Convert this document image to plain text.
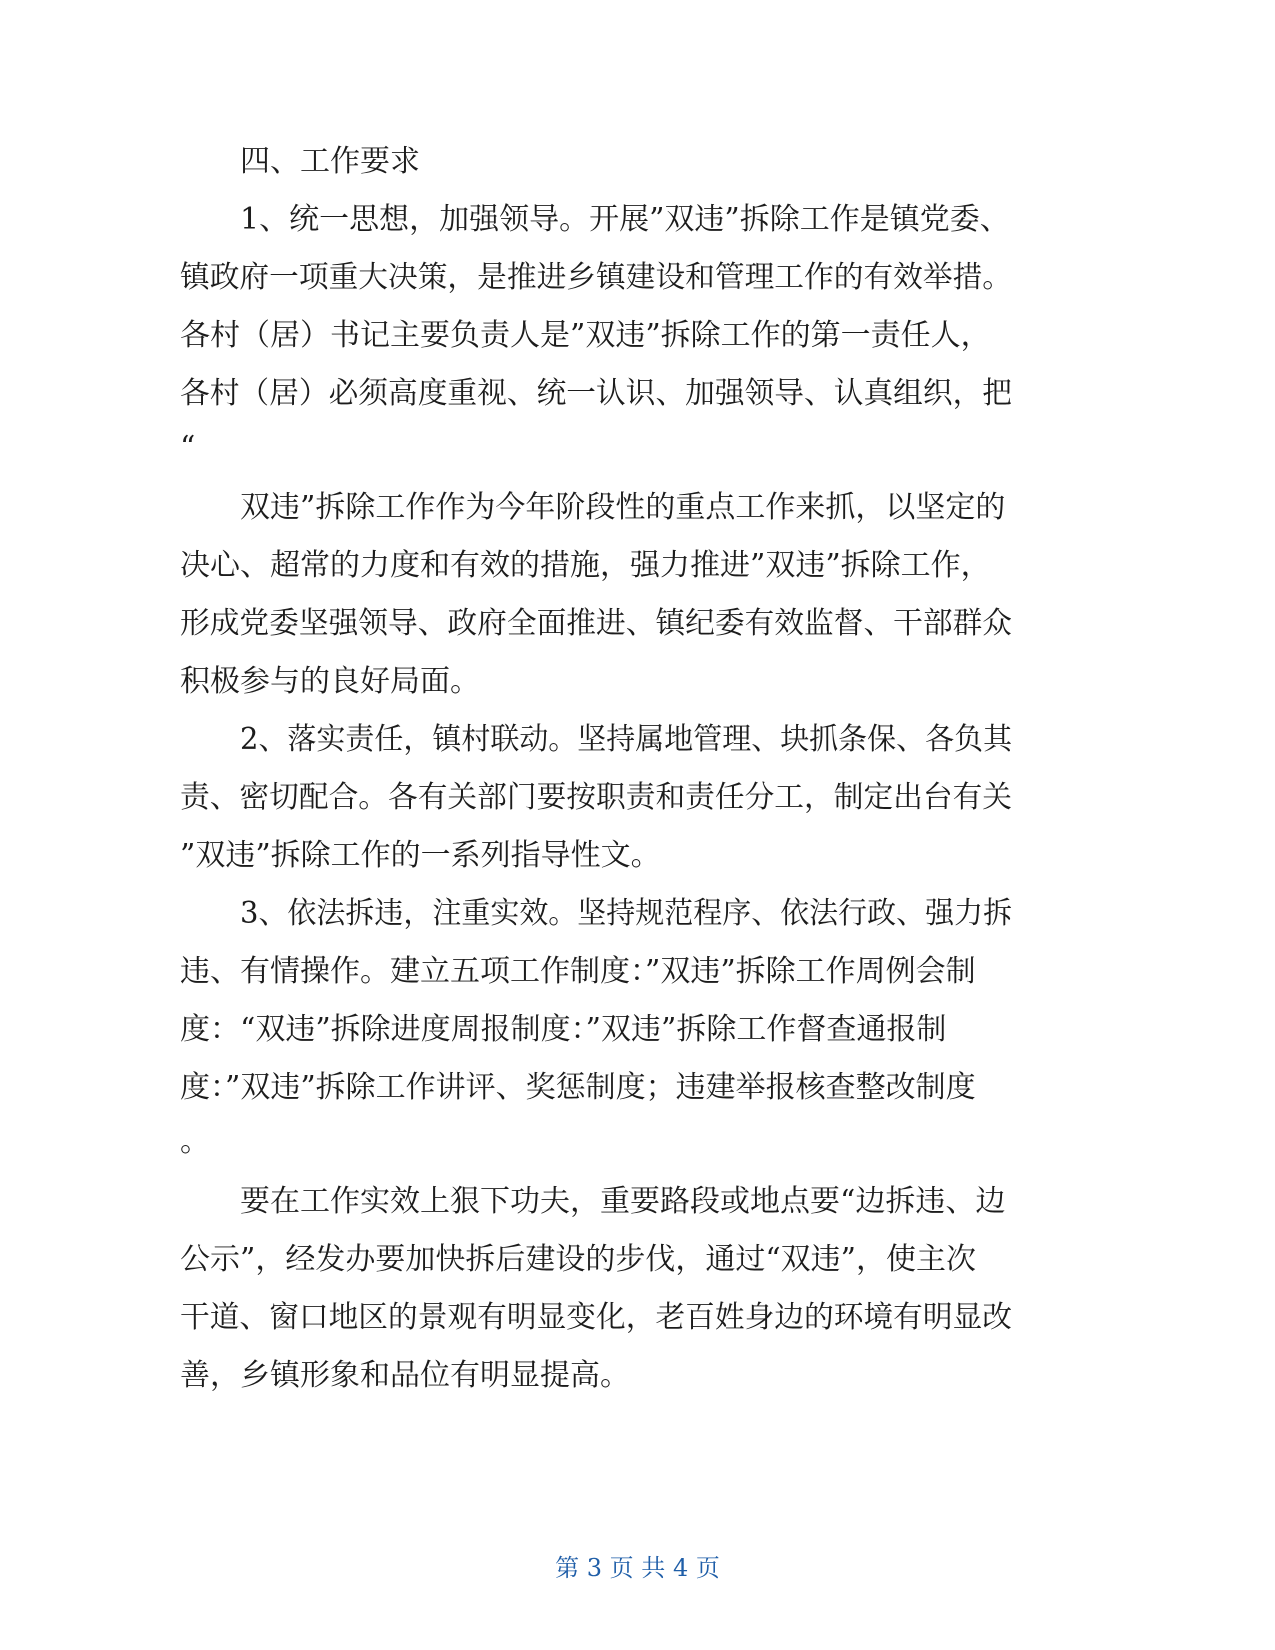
四、工作要求
1、统一思想，加强领导。开展”双违”拆除工作是镇党委、
镇政府一项重大决策，是推进乡镇建设和管理工作的有效举措。
各村（居）书记主要负责人是”双违”拆除工作的第一责任人，
各村（居）必须高度重视、统一认识、加强领导、认真组织，把
“
双违”拆除工作作为今年阶段性的重点工作来抓，以坚定的
决心、超常的力度和有效的措施，强力推进”双违”拆除工作，
形成党委坚强领导、政府全面推进、镇纪委有效监督、干部群众
积极参与的良好局面。
2、落实责任，镇村联动。坚持属地管理、块抓条保、各负其
责、密切配合。各有关部门要按职责和责任分工，制定出台有关
”双违”拆除工作的一系列指导性文。
3、依法拆违，注重实效。坚持规范程序、依法行政、强力拆
违、有情操作。建立五项工作制度：”双违”拆除工作周例会制
度：“双违”拆除进度周报制度：”双违”拆除工作督查通报制
度：”双违”拆除工作讲评、奖惩制度；违建举报核查整改制度
。
要在工作实效上狠下功夫，重要路段或地点要“边拆违、边
公示”，经发办要加快拆后建设的步伐，通过“双违”，使主次
干道、窗口地区的景观有明显变化，老百姓身边的环境有明显改
善，乡镇形象和品位有明显提高。
第 3 页 共 4 页
